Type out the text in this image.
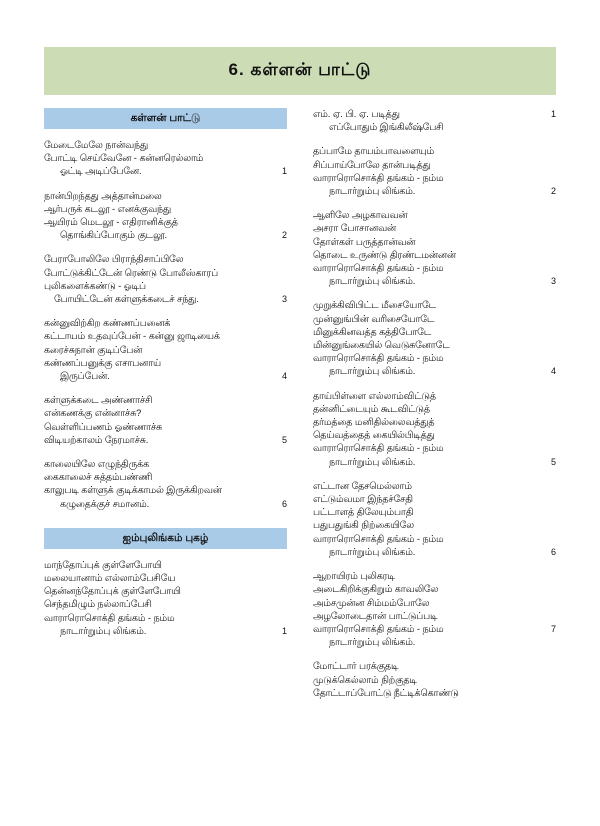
6. கள்ளன் பாட்டு
கள்ளன் பாட்டு
மேடைமேலே நான்வந்து
போட்டி செய்வேனே - கன்னரெல்லாம்
ஓட்டி அடிப்பேனே.	1
நான்பிறந்தது அத்தான்மலை
ஆர்பருக் கடலூ - எனக்குவந்து
ஆயிரம் மெடலூ - எதிரானிக்குத்
தொங்கிப்போகும் குடலூ.	2
பேராபோலிலே பிராந்திசாப்பிலே
போட்டுக்கிட்டேன் ரெண்டு போலீஸ்காரப்
புலிகளைக்கண்டு - ஓடிப்
போயிட்டேன் கள்ளுக்கடைச் சந்து.	3
கன்னுவிற்கிற கண்ணப்பனைக்
கட்டாயம் உதவுப்பேன் - கன்னு ஜாடியைக்
கரைச்சுநான் குடிப்பேன்
கண்ணப்பனுக்கு எசாபனாய்
இருப்பேன்.	4
கள்ளுக்கடை அண்ணாச்சி
என்கணக்கு என்னாச்சு?
வெள்ளிப்பணம் ஓண்ணாச்சு
விடியற்காலம் நேரமாச்சு.	5
காலையிலே எழுந்திருக்க
கைகாலைச் சுத்தம்பண்ணி
காலுபடி கள்ளுக் குடிக்காமல் இருக்கிறவன்
கழுதைக்குச் சமானம்.	6
ஐம்புலிங்கம் புகழ்
மாந்தோப்புக் குள்ளேபோயி
மலையானாம் எல்லாம்பேசியே
தென்னந்தோப்புக் குள்ளேபோயி
செந்தமிழும் நல்லாப்பேசி
வாராரொசொக்தி தங்கம் - நம்ம
நாடார்றும்பு லிங்கம்.	1
எம். ஏ. பி. ஏ. படித்து	1
எப்போதும் இங்கிலீஷ்பேசி
தப்பாமே தாயம்பாவளையும்
சிப்பாய்போலே தான்படித்து
வாராரொசொக்தி தங்கம் - நம்ம
நாடார்றும்பு லிங்கம்.	2
ஆளிலே அழகாவவன்
அசரா போசானவன்
தோள்கள் பருத்தான்வன்
தொடை உருண்டு திரண்டமன்னன்
வாராரொசொக்தி தங்கம் - நம்ம
நாடார்றும்பு லிங்கம்.	3
முறுக்கிவிபிட்ட மீசையோடே
முன்னுங்பின் வரிசையோடே
மினுக்கினவத்த கத்திபோடே
மின்னுங்கையில் வெடுசுனோடே
வாராரொசொக்தி தங்கம் - நம்ம
நாடார்றும்பு லிங்கம்.	4
தாய்பிள்ளை எல்லாம்விட்டுத்
தன்னிட்டையும் கூடவிட்டுத்
தர்மத்தை மனிதில்லைவத்துத்
தெய்வத்தைத் கையில்பிடித்து
வாராரொசொக்தி தங்கம் - நம்ம
நாடார்றும்பு லிங்கம்.	5
எட்டான தேசமெல்லாம்
எட்டும்வமா இந்தச்சேதி
பட்டாளத் திலேயும்பாதி
பதுபதுங்கி நிற்கையிலே
வாராரொசொக்தி தங்கம் - நம்ம
நாடார்றும்பு லிங்கம்.	6
ஆறாயிரம் புலிகரடி
அடைகிறிக்குகிறும் காவலிலே
அம்சமுன்ன சிம்மம்போலே
அழலோடைதான் பாட்டுப்படி
வாராரொசொக்தி தங்கம் - நம்ம	7
நாடார்றும்பு லிங்கம்.
மோட்டார் பரக்குதடி
முடுக்கெல்லாம் நிற்குதடி
தோட்டாப்போட்டு நீட்டிக்கொண்டு
